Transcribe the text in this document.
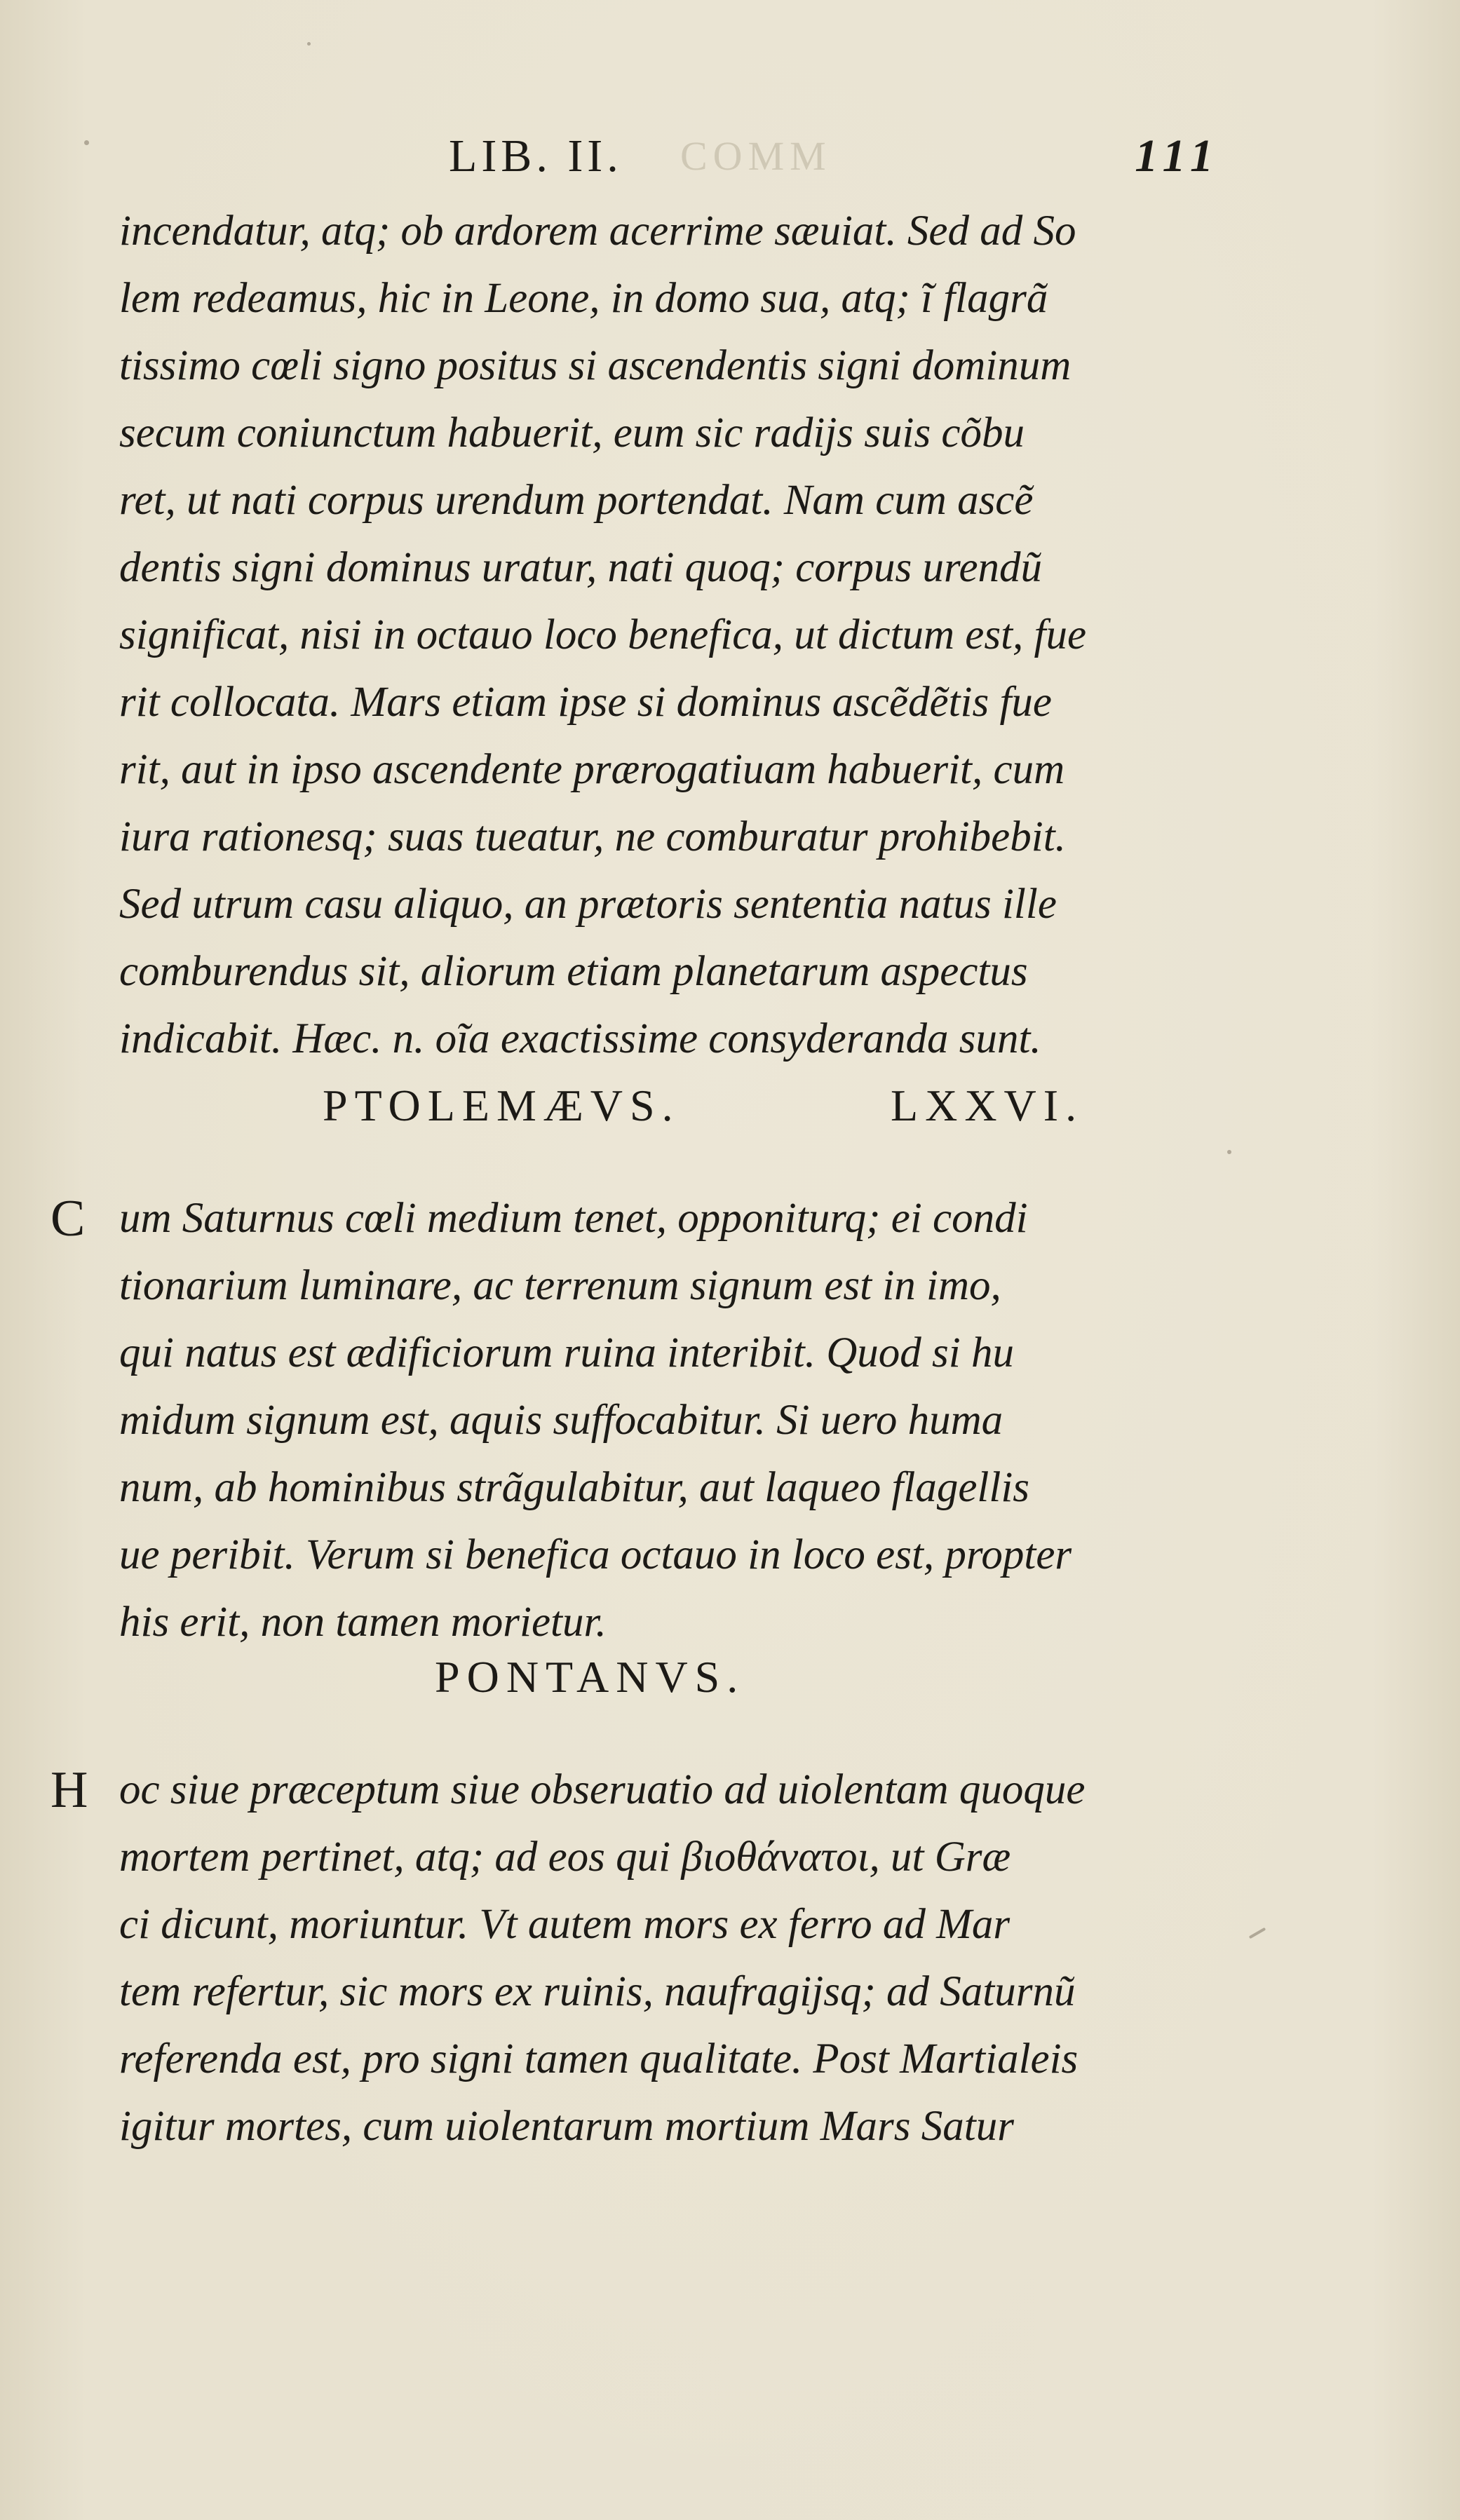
COMM
LIB. II.	111
incendatur, atq; ob ardorem acerrime sæuiat. Sed ad So
lem redeamus, hic in Leone, in domo sua, atq; ĩ flagrã
tissimo cœli signo positus si ascendentis signi dominum
secum coniunctum habuerit, eum sic radijs suis cõbu
ret, ut nati corpus urendum portendat. Nam cum ascẽ
dentis signi dominus uratur, nati quoq; corpus urendũ
significat, nisi in octauo loco benefica, ut dictum est, fue
rit collocata. Mars etiam ipse si dominus ascẽdẽtis fue
rit, aut in ipso ascendente prærogatiuam habuerit, cum
iura rationesq; suas tueatur, ne comburatur prohibebit.
Sed utrum casu aliquo, an prætoris sententia natus ille
comburendus sit, aliorum etiam planetarum aspectus
indicabit. Hæc. n. oĩa exactissime consyderanda sunt.
PTOLEMÆVS.	LXXVI.
C um Saturnus cœli medium tenet, opponiturq; ei condi
tionarium luminare, ac terrenum signum est in imo,
qui natus est ædificiorum ruina interibit. Quod si hu
midum signum est, aquis suffocabitur. Si uero huma
num, ab hominibus strãgulabitur, aut laqueo flagellis
ue peribit. Verum si benefica octauo in loco est, propter
his erit, non tamen morietur.
PONTANVS.
H oc siue præceptum siue obseruatio ad uiolentam quoque
mortem pertinet, atq; ad eos qui βιοθάνατοι, ut Græ
ci dicunt, moriuntur. Vt autem mors ex ferro ad Mar
tem refertur, sic mors ex ruinis, naufragijsq; ad Saturnũ
referenda est, pro signi tamen qualitate. Post Martialeis
igitur mortes, cum uiolentarum mortium Mars Satur
